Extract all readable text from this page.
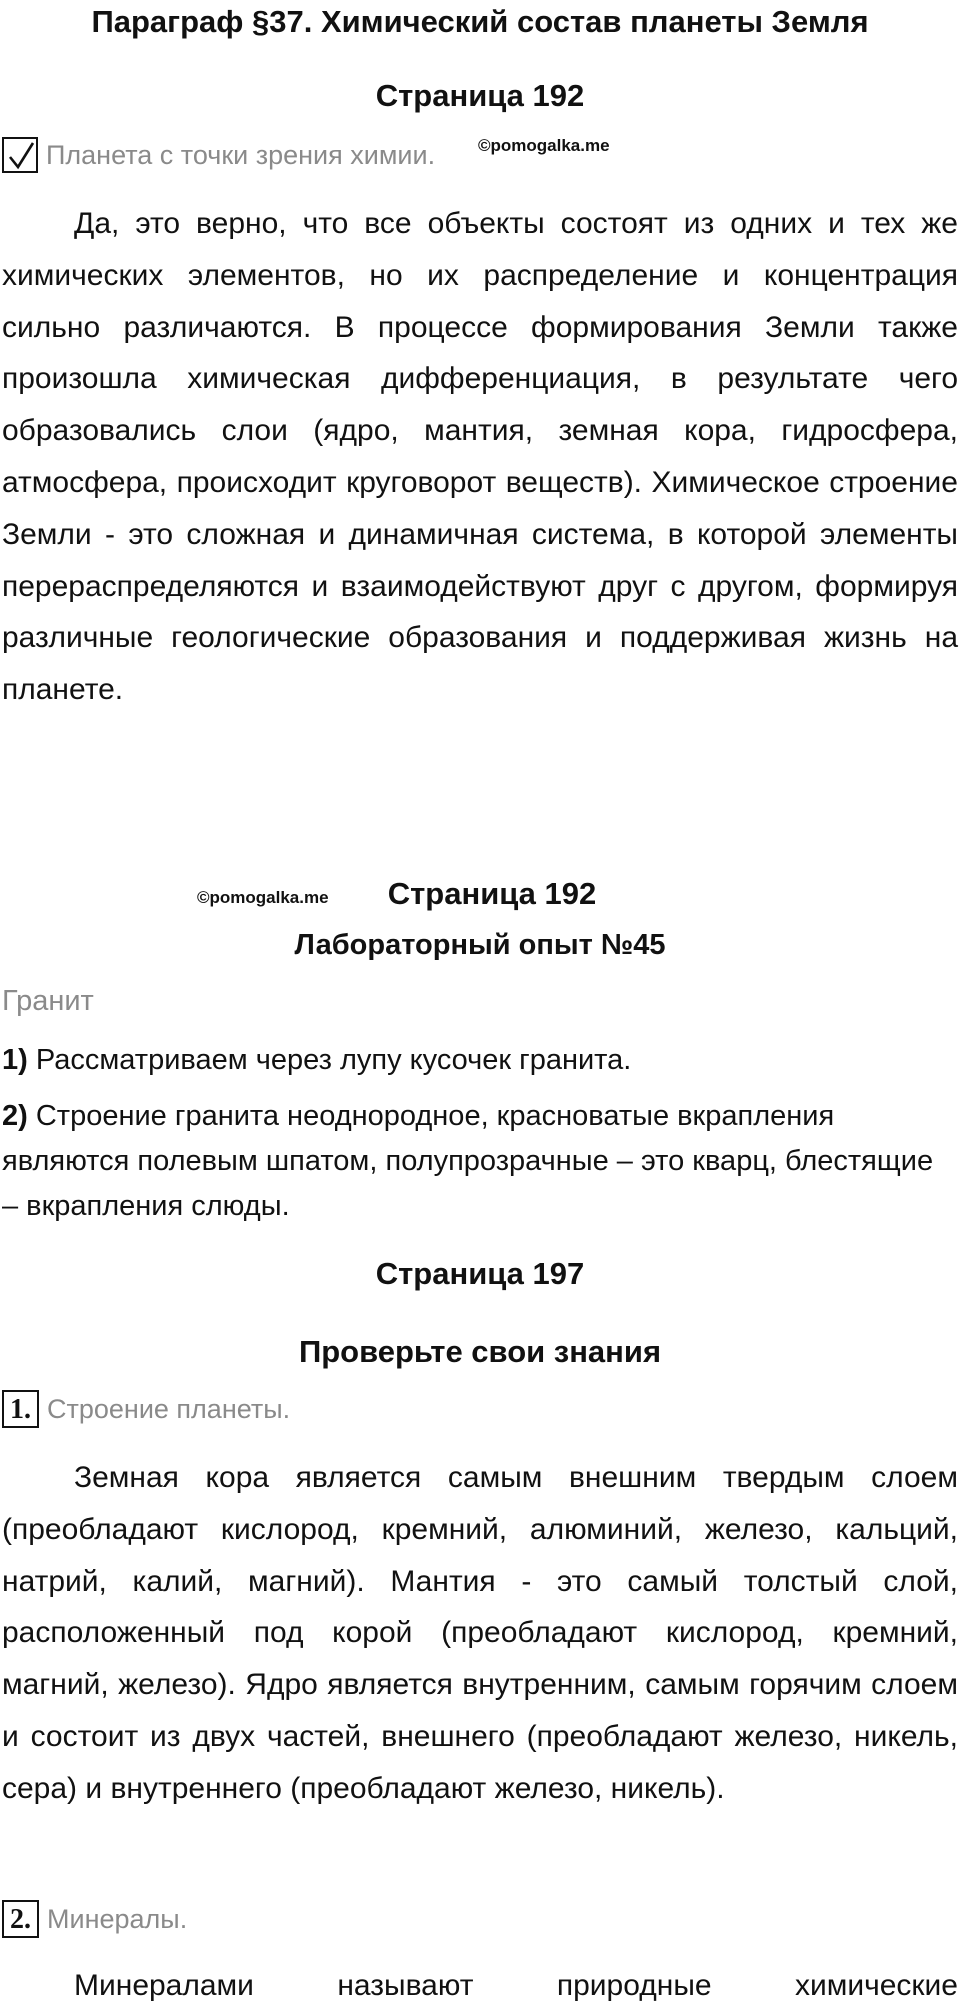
Параграф §37. Химический состав планеты Земля
Страница 192
Планета с точки зрения химии.	©pomogalka.me

Да, это верно, что все объекты состоят из одних и тех же химических элементов, но их распределение и концентрация сильно различаются. В процессе формирования Земли также произошла химическая дифференциация, в результате чего образовались слои (ядро, мантия, земная кора, гидросфера, атмосфера, происходит круговорот веществ). Химическое строение Земли - это сложная и динамичная система, в которой элементы перераспределяются и взаимодействуют друг с другом, формируя различные геологические образования и поддерживая жизнь на планете.

©pomogalka.me	Страница 192
Лабораторный опыт №45
Гранит

1) Рассматриваем через лупу кусочек гранита.

2) Строение гранита неоднородное, красноватые вкрапления являются полевым шпатом, полупрозрачные – это кварц, блестящие – вкрапления слюды.

Страница 197
Проверьте свои знания
1. Строение планеты.

Земная кора является самым внешним твердым слоем (преобладают кислород, кремний, алюминий, железо, кальций, натрий, калий, магний). Мантия - это самый толстый слой, расположенный под корой (преобладают кислород, кремний, магний, железо). Ядро является внутренним, самым горячим слоем и состоит из двух частей, внешнего (преобладают железо, никель, сера) и внутреннего (преобладают железо, никель).

2. Минералы.

Минералами называют природные химические
